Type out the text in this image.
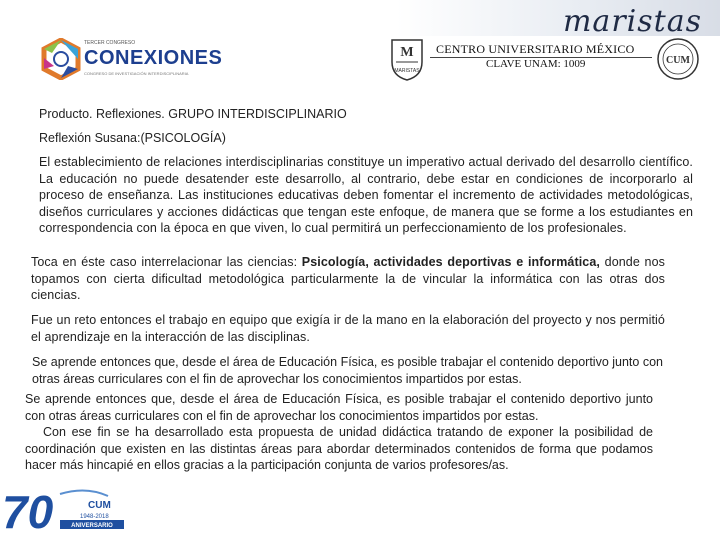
maristas
TERCER CONGRESO
CONEXIONES
CONGRESO DE INVESTIGACIÓN INTERDISCIPLINARIA
M
MARISTAS
CENTRO UNIVERSITARIO MÉXICO
CLAVE UNAM: 1009	CUM
Producto. Reflexiones. GRUPO INTERDISCIPLINARIO
Reflexión Susana:(PSICOLOGÍA)
El establecimiento de relaciones interdisciplinarias constituye un imperativo actual derivado del desarrollo científico. La educación no puede desatender este desarrollo, al contrario, debe estar en condiciones de incorporarlo al proceso de enseñanza. Las instituciones educativas deben fomentar el incremento de actividades metodológicas, diseños curriculares y acciones didácticas que tengan este enfoque, de manera que se forme a los estudiantes en correspondencia con la época en que viven, lo cual permitirá un perfeccionamiento de los profesionales.
Toca en éste caso interrelacionar las ciencias: Psicología, actividades deportivas e informática, donde nos topamos con cierta dificultad metodológica particularmente la de vincular la informática con las otras dos ciencias.
Fue un reto entonces el trabajo en equipo que exigía ir de la mano en la elaboración del proyecto y nos permitió el aprendizaje en la interacción de las disciplinas.
Se aprende entonces que, desde el área de Educación Física, es posible trabajar el contenido deportivo junto con otras áreas curriculares con el fin de aprovechar los conocimientos impartidos por estas.
Se aprende entonces que, desde el área de Educación Física, es posible trabajar el contenido deportivo junto con otras áreas curriculares con el fin de aprovechar los conocimientos impartidos por estas.
Con ese fin se ha desarrollado esta propuesta de unidad didáctica tratando de exponer la posibilidad de coordinación que existen en las distintas áreas para abordar determinados contenidos de forma que podamos hacer más hincapié en ellos gracias a la participación conjunta de varios profesores/as.
70	CUM
1948-2018
ANIVERSARIO
